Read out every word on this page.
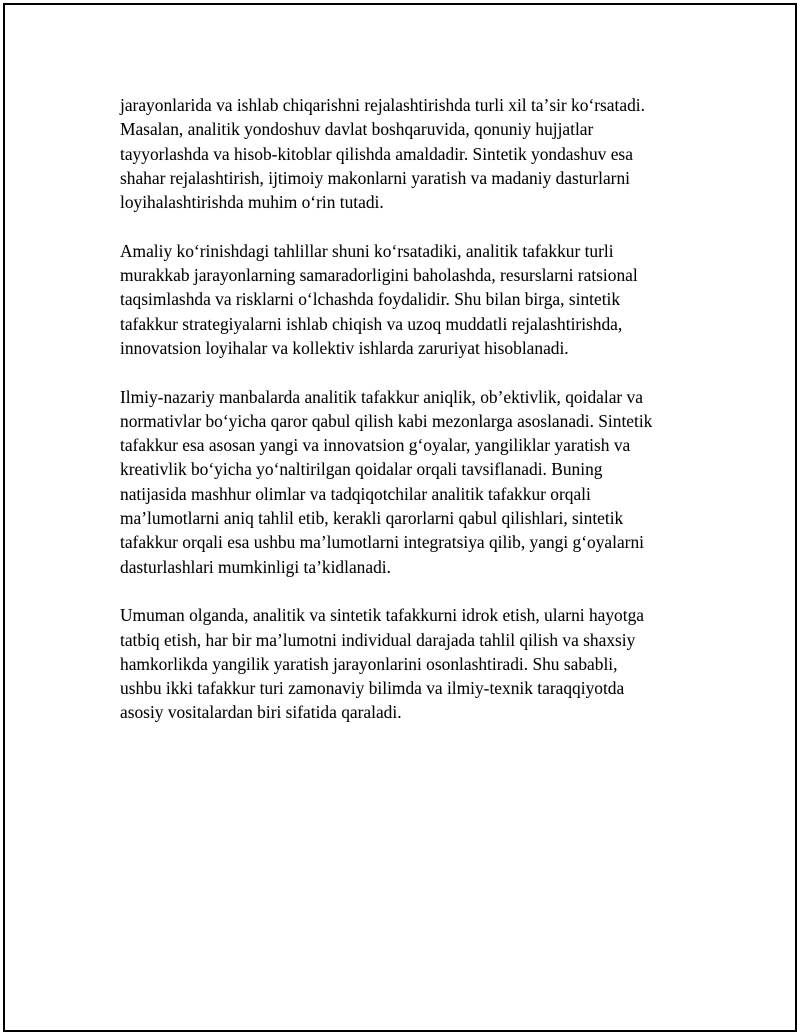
jarayonlarida va ishlab chiqarishni rejalashtirishda turli xil taʼsir koʻrsatadi.
Masalan, analitik yondoshuv davlat boshqaruvida, qonuniy hujjatlar
tayyorlashda va hisob-kitoblar qilishda amaldadir. Sintetik yondashuv esa
shahar rejalashtirish, ijtimoiy makonlarni yaratish va madaniy dasturlarni
loyihalashtirishda muhim oʻrin tutadi.

Amaliy koʻrinishdagi tahlillar shuni koʻrsatadiki, analitik tafakkur turli
murakkab jarayonlarning samaradorligini baholashda, resurslarni ratsional
taqsimlashda va risklarni oʻlchashda foydalidir. Shu bilan birga, sintetik
tafakkur strategiyalarni ishlab chiqish va uzoq muddatli rejalashtirishda,
innovatsion loyihalar va kollektiv ishlarda zaruriyat hisoblanadi.

Ilmiy-nazariy manbalarda analitik tafakkur aniqlik, obʼektivlik, qoidalar va
normativlar boʻyicha qaror qabul qilish kabi mezonlarga asoslanadi. Sintetik
tafakkur esa asosan yangi va innovatsion gʻoyalar, yangiliklar yaratish va
kreativlik boʻyicha yoʻnaltirilgan qoidalar orqali tavsiflanadi. Buning
natijasida mashhur olimlar va tadqiqotchilar analitik tafakkur orqali
maʼlumotlarni aniq tahlil etib, kerakli qarorlarni qabul qilishlari, sintetik
tafakkur orqali esa ushbu maʼlumotlarni integratsiya qilib, yangi gʻoyalarni
dasturlashlari mumkinligi taʼkidlanadi.

Umuman olganda, analitik va sintetik tafakkurni idrok etish, ularni hayotga
tatbiq etish, har bir maʼlumotni individual darajada tahlil qilish va shaxsiy
hamkorlikda yangilik yaratish jarayonlarini osonlashtiradi. Shu sababli,
ushbu ikki tafakkur turi zamonaviy bilimda va ilmiy-texnik taraqqiyotda
asosiy vositalardan biri sifatida qaraladi.
